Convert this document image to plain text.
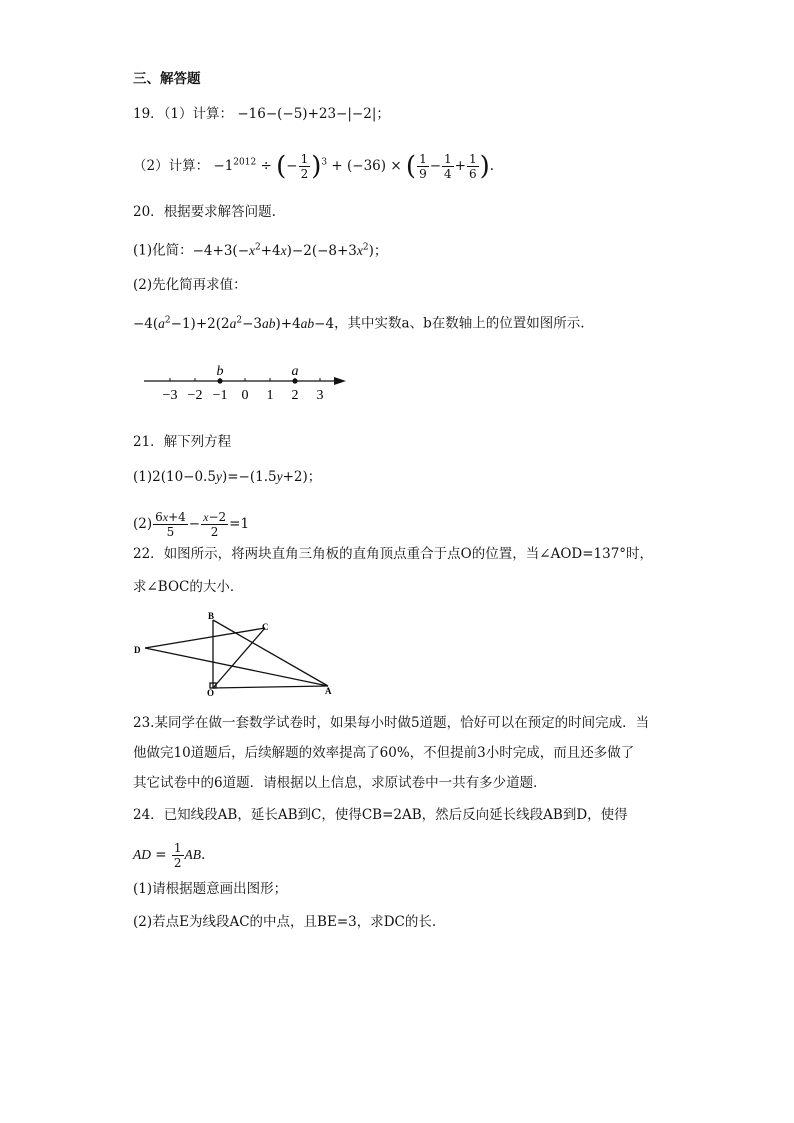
三、解答题
19．（1）计算： −16−(−5)+23−|−2|；
（2）计算： $-1^{2012}$ ÷ (− $\frac{1}{2} )^3 + (-36)$ × ( $\frac{1}{9} - \frac{1}{4} + \frac{1}{6}$ ).
20．根据要求解答问题.
(1)化简：$-4+3(-x^2+4x)-2(-8+3x^2)$；
(2)先化简再求值：
$-4(a^2-1)+2(2a^2-3ab)+4ab-4$，其中实数a、b在数轴上的位置如图所示.
−3 −2 −1 0 1 2 3
b	a
21．解下列方程
(1)2(10−0.5y)=−(1.5y+2)；
$(2) \frac{6x+4}{5} - \frac{x-2}{2} =1$
22．如图所示，将两块直角三角板的直角顶点重合于点O的位置，当∠AOD=137°时，
求∠BOC的大小．
B
C
D
O	A
23.某同学在做一套数学试卷时，如果每小时做5道题，恰好可以在预定的时间完成．当
他做完10道题后，后续解题的效率提高了60%，不但提前3小时完成，而且还多做了
其它试卷中的6道题．请根据以上信息，求原试卷中一共有多少道题．
24．已知线段AB，延长AB到C，使得CB=2AB，然后反向延长线段AB到D，使得
AD = $\frac{1}{2}$ AB.
(1)请根据题意画出图形；
(2)若点E为线段AC的中点，且BE=3，求DC的长.
